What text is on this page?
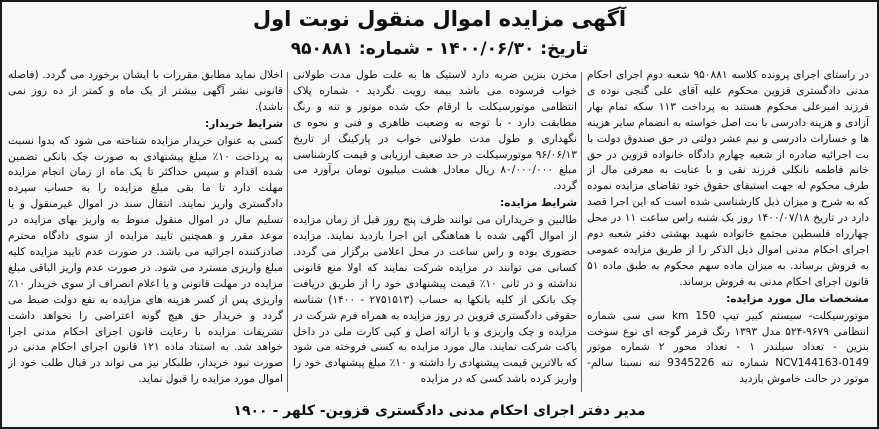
آگهی مزایده اموال منقول نوبت اول
تاریخ: ۱۴۰۰/۰۶/۳۰ - شماره: ۹۵۰۸۸۱

در راستای اجرای پرونده کلاسه ۹۵۰۸۸۱ شعبه دوم اجرای احکام مدنی دادگستری قزوین محکوم علیه آقای علی گنجی نوده ی فرزند امیرعلی محکوم هستند به پرداخت ۱۱۳ سکه تمام بهار آزادی و هزینه دادرسی با بت اصل خواسته به انضمام سایر هزینه ها و خسارات دادرسی و نیم عشر دولتی در حق صندوق دولت با بت اجرائیه صادره از شعبه چهارم دادگاه خانواده قزوین در حق خانم فاطمه نانکلی فرزند نقی و با عنایت به معرفی مال از طرف محکوم له جهت استیفای حقوق خود تقاضای مزایده نموده که به شرح و میزان ذیل کارشناسی شده است که این اجرا قصد دارد در تاریخ ۱۴۰۰/۰۷/۱۸ روز یک شنبه راس ساعت ۱۱ در محل چهارراه فلسطین مجتمع خانواده شهید بهشتی دفتر شعبه دوم اجرای احکام مدنی اموال ذیل الذکر را از طریق مزایده عمومی به فروش برساند. به میزان ماده سهم محکوم به طبق ماده ۵۱ قانون اجرای احکام مدنی به فروش برساند.

مشخصات مال مورد مزایده:

موتورسیکلت- سیستم کبیر تیپ 150 km سی سی شماره انتظامی ۹۶۷۹-۵۲۴ مدل ۱۳۹۳ رنگ قرمز گوجه ای نوع سوخت بنزین - تعداد سیلندر ۱ - تعداد محور ۲ شماره موتور NCV144163-0149 شماره تنه 9345226 تنه نسبتا سالم- موتور در حالت خاموش بازدید

مخزن بنزین ضربه دارد لاستیک ها به علت طول مدت طولانی خواب فرسوده می باشد بیمه رویت نگردید - شماره پلاک انتظامی موتورسیکلت با ارقام حک شده موتور و تنه و رنگ مطابقت دارد - با توجه به وضعیت ظاهری و فنی و نحوه ی نگهداری و طول مدت طولانی خواب در پارکینگ از تاریخ ۹۶/۰۶/۱۳ موتورسیکلت در حد ضعیف ارزیابی و قیمت کارشناسی مبلغ ۸۰/۰۰۰/۰۰۰ ریال معادل هشت میلیون تومان برآورد می گردد.

شرایط مزایده:

طالبین و خریداران می توانند ظرف پنج روز قبل از زمان مزایده از اموال آگهی شده با هماهنگی این اجرا بازدید نمایند. مزایده حضوری بوده و راس ساعت در محل اعلامی برگزار می گردد. کسانی می توانند در مزایده شرکت نمایند که اولا منع قانونی نداشته و در ثانی ۱۰٪ قیمت پیشنهادی خود را از طریق دریافت چک بانکی از کلیه بانکها به حساب (۲۷۵۱۵۱۳ - ۱۴۰۰) شناسه حقوقی دادگستری قزوین در روز مزایده به همراه فرم شرکت در مزایده و چک واریزی و یا ارائه اصل و کپی کارت ملی در داخل پاکت شرکت نمایند. مال مورد مزایده به کسی فروخته می شود که بالاترین قیمت پیشنهادی را داشته و ۱۰٪ مبلغ پیشنهادی خود را واریز کرده باشد کسی که در مزایده

اخلال نماید مطابق مقررات با ایشان برخورد می گردد. (فاصله قانونی نشر آگهی بیشتر از یک ماه و کمتر از ده روز نمی باشد).

شرایط خریدار:

کسی به عنوان خریدار مزایده شناخته می شود که بدوا نسبت به پرداخت ۱۰٪ مبلغ پیشنهادی به صورت چک بانکی تضمین شده اقدام و سپس حداکثر تا یک ماه از زمان انجام مزایده مهلت دارد تا ما بقی مبلغ مزایده را به حساب سپرده دادگستری واریز نمایند. انتقال سند در اموال غیرمنقول و یا تسلیم مال در اموال منقول منوط به واریز بهای مزایده در موعد مقرر و همچنین تایید مزایده از سوی دادگاه محترم صادرکننده اجرائیه می باشد. در صورت عدم تایید مزایده کلیه مبلغ واریزی مسترد می شود. در صورت عدم واریز الباقی مبلغ مزایده در مهلت قانونی و یا اعلام انصراف از سوی خریدار ۱۰٪ واریزی پس از کسر هزینه های مزایده به نفع دولت ضبط می گردد و خریدار حق هیچ گونه اعتراضی را نخواهد داشت تشریفات مزایده با رعایت قانون اجرای احکام مدنی اجرا خواهد شد. به استناد ماده ۱۲۱ قانون اجرای احکام مدنی در صورت نبود خریدار، طلبکار نیز می تواند در قبال طلب خود از اموال مورد مزایده را قبول نماید.

مدیر دفتر اجرای احکام مدنی دادگستری قزوین- کلهر - ۱۹۰۰
